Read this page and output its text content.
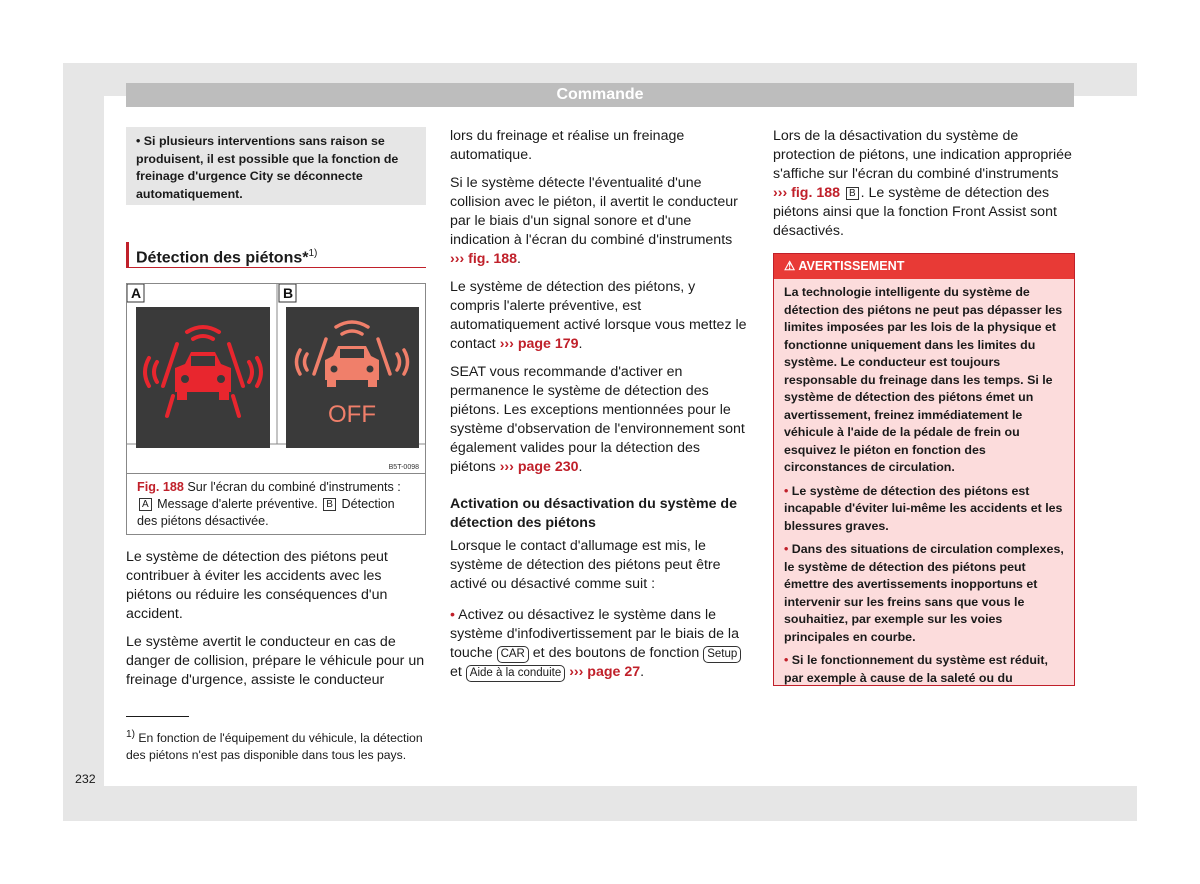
Commande
• Si plusieurs interventions sans raison se produisent, il est possible que la fonction de freinage d'urgence City se déconnecte automatiquement.
Détection des piétons*$^{1)}$
A	B
OFF
B5T-0098
Fig. 188 Sur l'écran du combiné d'instruments : A Message d'alerte préventive. B Détection des piétons désactivée.

Le système de détection des piétons peut contribuer à éviter les accidents avec les piétons ou réduire les conséquences d'un accident.

Le système avertit le conducteur en cas de danger de collision, prépare le véhicule pour un freinage d'urgence, assiste le conducteur

$^{1)}$ En fonction de l'équipement du véhicule, la détection des piétons n'est pas disponible dans tous les pays.
232

lors du freinage et réalise un freinage automatique.

Si le système détecte l'éventualité d'une collision avec le piéton, il avertit le conducteur par le biais d'un signal sonore et d'une indication à l'écran du combiné d'instruments ››› fig. 188.

Le système de détection des piétons, y compris l'alerte préventive, est automatiquement activé lorsque vous mettez le contact ››› page 179.

SEAT vous recommande d'activer en permanence le système de détection des piétons. Les exceptions mentionnées pour le système d'observation de l'environnement sont également valides pour la détection des piétons ››› page 230.

Activation ou désactivation du système de détection des piétons

Lorsque le contact d'allumage est mis, le système de détection des piétons peut être activé ou désactivé comme suit :

• Activez ou désactivez le système dans le système d'infodivertissement par le biais de la touche CAR et des boutons de fonction Setup et Aide à la conduite ››› page 27.

Lors de la désactivation du système de protection de piétons, une indication appropriée s'affiche sur l'écran du combiné d'instruments ››› fig. 188 B . Le système de détection des piétons ainsi que la fonction Front Assist sont désactivés.

⚠ AVERTISSEMENT

La technologie intelligente du système de détection des piétons ne peut pas dépasser les limites imposées par les lois de la physique et fonctionne uniquement dans les limites du système. Le conducteur est toujours responsable du freinage dans les temps. Si le système de détection des piétons émet un avertissement, freinez immédiatement le véhicule à l'aide de la pédale de frein ou esquivez le piéton en fonction des circonstances de circulation.

• Le système de détection des piétons est incapable d'éviter lui-même les accidents et les blessures graves.

• Dans des situations de circulation complexes, le système de détection des piétons peut émettre des avertissements inopportuns et intervenir sur les freins sans que vous le souhaitiez, par exemple sur les voies principales en courbe.

• Si le fonctionnement du système est réduit, par exemple à cause de la saleté ou du
